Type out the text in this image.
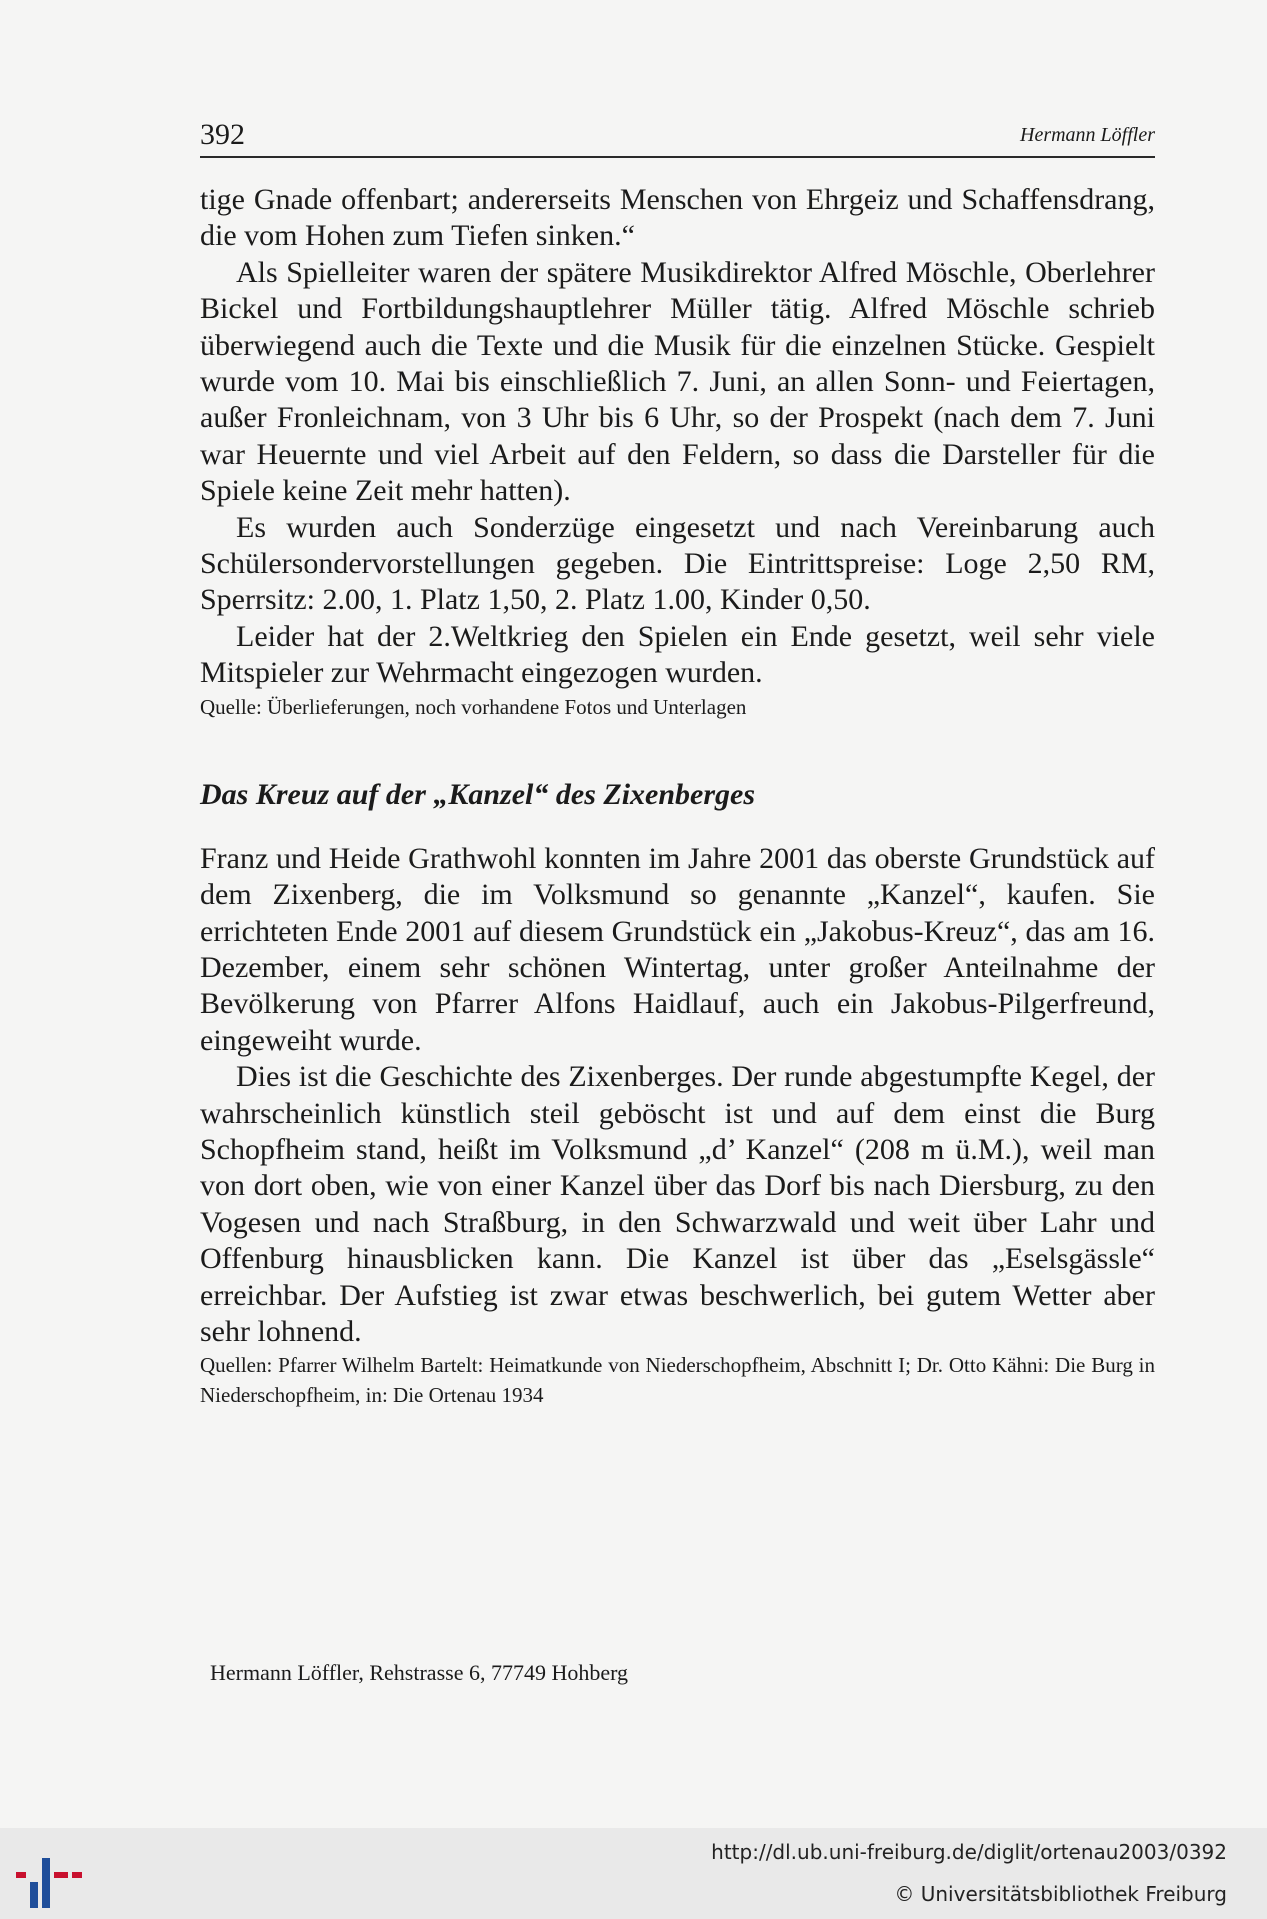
392	Hermann Löffler

tige Gnade offenbart; andererseits Menschen von Ehrgeiz und Schaffensdrang, die vom Hohen zum Tiefen sinken.“

Als Spielleiter waren der spätere Musikdirektor Alfred Möschle, Oberlehrer Bickel und Fortbildungshauptlehrer Müller tätig. Alfred Möschle schrieb überwiegend auch die Texte und die Musik für die einzelnen Stücke. Gespielt wurde vom 10. Mai bis einschließlich 7. Juni, an allen Sonn- und Feiertagen, außer Fronleichnam, von 3 Uhr bis 6 Uhr, so der Prospekt (nach dem 7. Juni war Heuernte und viel Arbeit auf den Feldern, so dass die Darsteller für die Spiele keine Zeit mehr hatten).

Es wurden auch Sonderzüge eingesetzt und nach Vereinbarung auch Schülersondervorstellungen gegeben. Die Eintrittspreise: Loge 2,50 RM, Sperrsitz: 2.00, 1. Platz 1,50, 2. Platz 1.00, Kinder 0,50.

Leider hat der 2.Weltkrieg den Spielen ein Ende gesetzt, weil sehr viele Mitspieler zur Wehrmacht eingezogen wurden.

Quelle: Überlieferungen, noch vorhandene Fotos und Unterlagen

Das Kreuz auf der „Kanzel“ des Zixenberges

Franz und Heide Grathwohl konnten im Jahre 2001 das oberste Grundstück auf dem Zixenberg, die im Volksmund so genannte „Kanzel“, kaufen. Sie errichteten Ende 2001 auf diesem Grundstück ein „Jakobus-Kreuz“, das am 16. Dezember, einem sehr schönen Wintertag, unter großer Anteilnahme der Bevölkerung von Pfarrer Alfons Haidlauf, auch ein Jakobus-Pilgerfreund, eingeweiht wurde.

Dies ist die Geschichte des Zixenberges. Der runde abgestumpfte Kegel, der wahrscheinlich künstlich steil geböscht ist und auf dem einst die Burg Schopfheim stand, heißt im Volksmund „d’ Kanzel“ (208 m ü.M.), weil man von dort oben, wie von einer Kanzel über das Dorf bis nach Diersburg, zu den Vogesen und nach Straßburg, in den Schwarzwald und weit über Lahr und Offenburg hinausblicken kann. Die Kanzel ist über das „Eselsgässle“ erreichbar. Der Aufstieg ist zwar etwas beschwerlich, bei gutem Wetter aber sehr lohnend.

Quellen: Pfarrer Wilhelm Bartelt: Heimatkunde von Niederschopfheim, Abschnitt I; Dr. Otto Kähni: Die Burg in Niederschopfheim, in: Die Ortenau 1934

Hermann Löffler, Rehstrasse 6, 77749 Hohberg
http://dl.ub.uni-freiburg.de/diglit/ortenau2003/0392
© Universitätsbibliothek Freiburg
